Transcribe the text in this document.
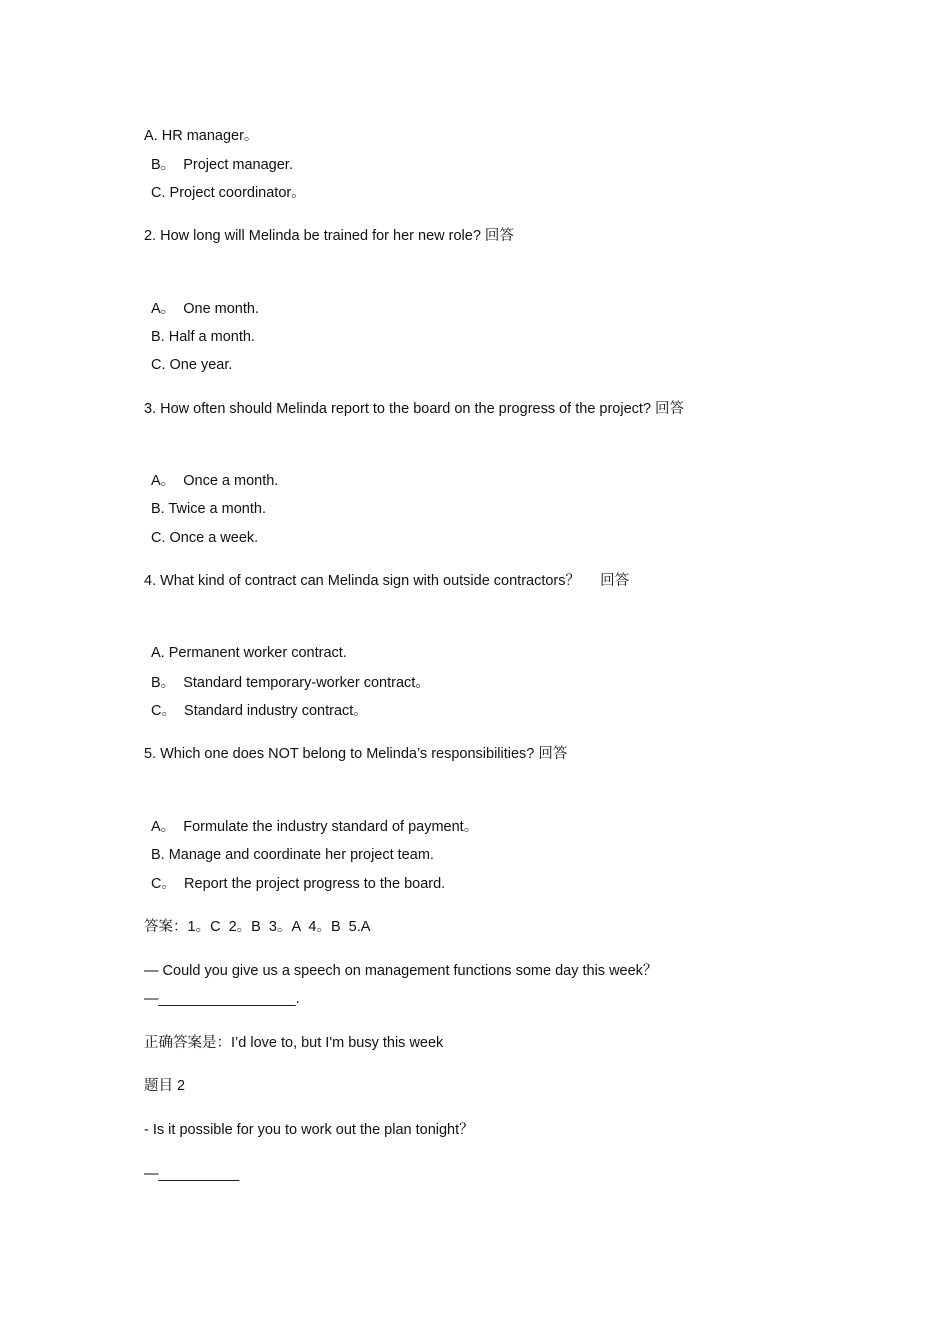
A. HR manager。
B。  Project manager.
C. Project coordinator。
2. How long will Melinda be trained for her new role? 回答
A。  One month.
B. Half a month.
C. One year.
3. How often should Melinda report to the board on the progress of the project? 回答
A。  Once a month.
B. Twice a month.
C. Once a week.
4. What kind of contract can Melinda sign with outside contractors？     回答
A. Permanent worker contract.
B。  Standard temporary-worker contract。
C。  Standard industry contract。
5. Which one does NOT belong to Melinda’s responsibilities? 回答
A。  Formulate the industry standard of payment。
B. Manage and coordinate her project team.
C。  Report the project progress to the board.
答案：1。C  2。B  3。A  4。B  5.A
— Could you give us a speech on management functions some day this week？
—_________________.
正确答案是：I’d love to, but I'm busy this week
题目 2
- Is it possible for you to work out the plan tonight？
—__________
